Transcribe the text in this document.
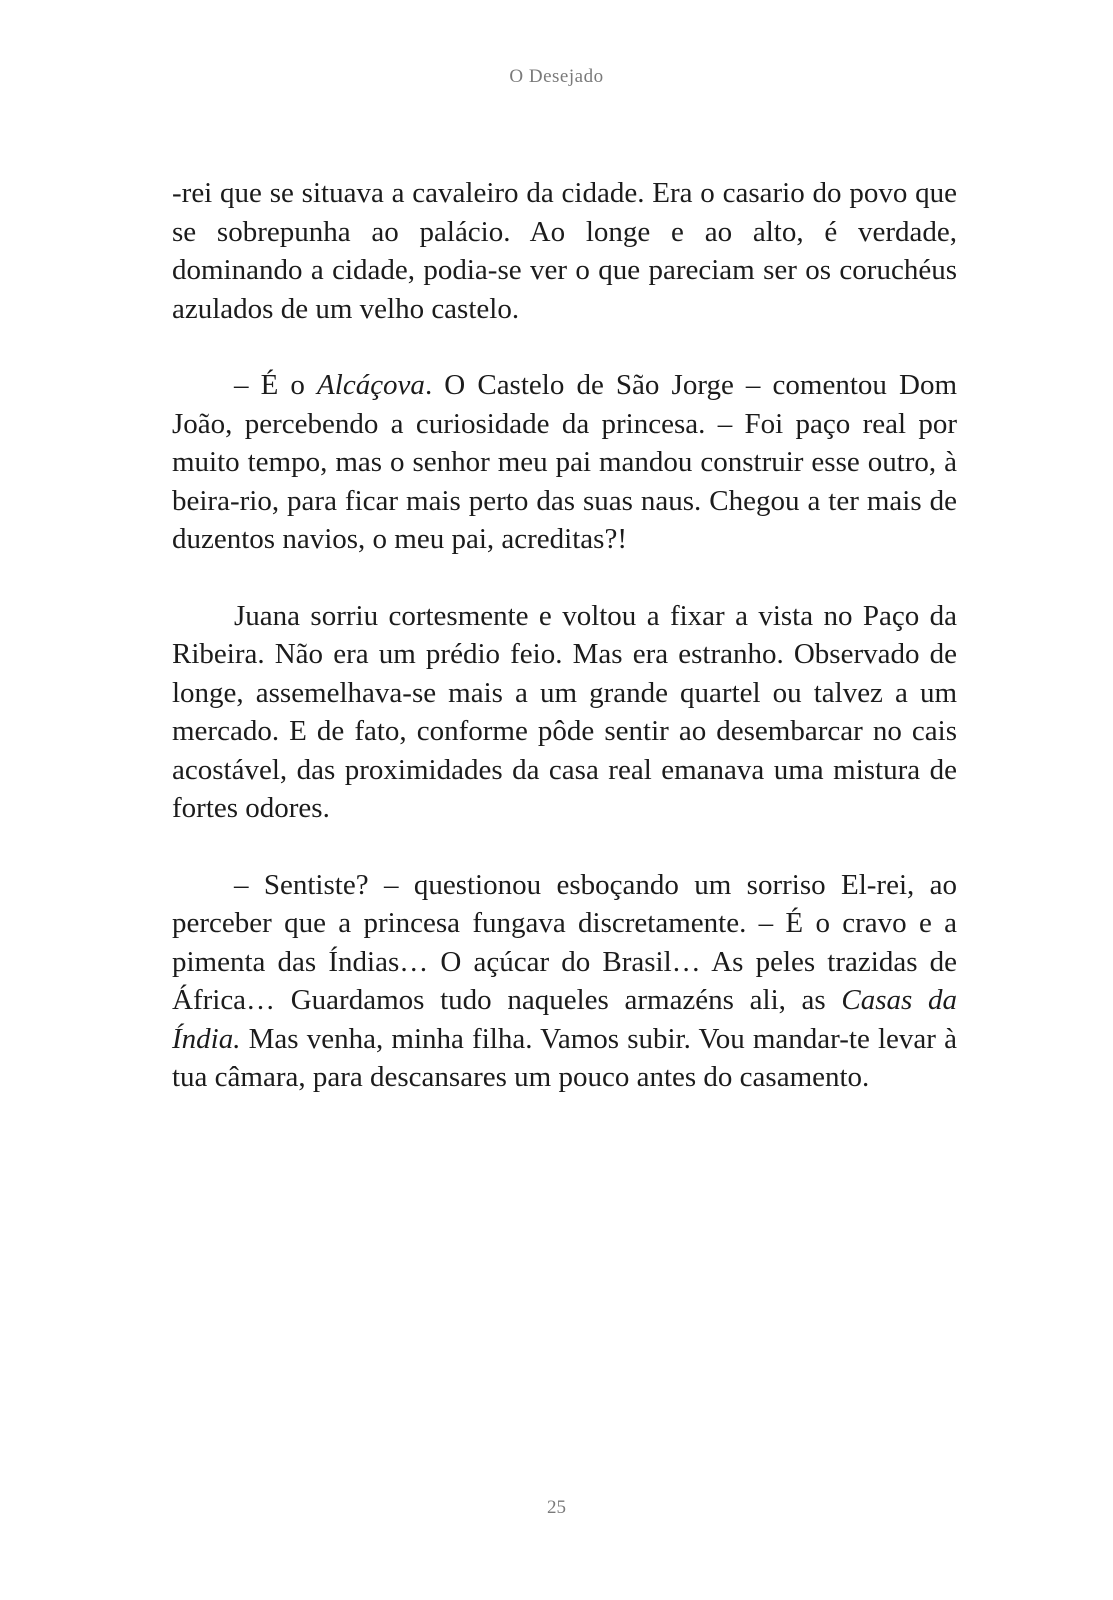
O Desejado

-rei que se situava a cavaleiro da cidade. Era o casario do povo que se sobrepunha ao palácio. Ao longe e ao alto, é verdade, dominando a cidade, podia-se ver o que pareciam ser os coruchéus azulados de um velho castelo.

– É o Alcáçova. O Castelo de São Jorge – comentou Dom João, percebendo a curiosidade da princesa. – Foi paço real por muito tempo, mas o senhor meu pai mandou construir esse outro, à beira-rio, para ficar mais perto das suas naus. Chegou a ter mais de duzentos navios, o meu pai, acreditas?!

Juana sorriu cortesmente e voltou a fixar a vista no Paço da Ribeira. Não era um prédio feio. Mas era estranho. Observado de longe, assemelhava-se mais a um grande quartel ou talvez a um mercado. E de fato, conforme pôde sentir ao desembarcar no cais acostável, das proximidades da casa real emanava uma mistura de fortes odores.

– Sentiste? – questionou esboçando um sorriso El-rei, ao perceber que a princesa fungava discretamente. – É o cravo e a pimenta das Índias… O açúcar do Brasil… As peles trazidas de África… Guardamos tudo naqueles armazéns ali, as Casas da Índia. Mas venha, minha filha. Vamos subir. Vou mandar-te levar à tua câmara, para descansares um pouco antes do casamento.

25
